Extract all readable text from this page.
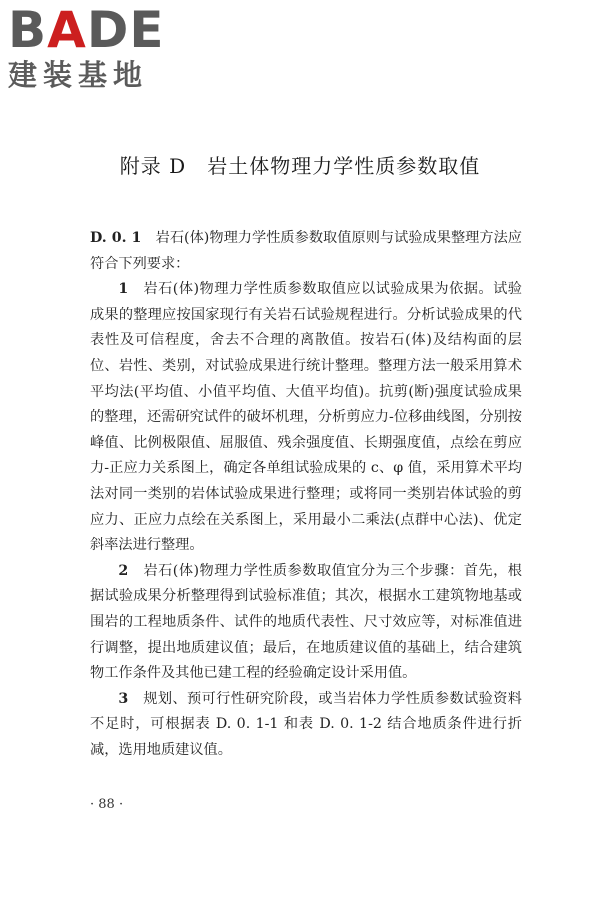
BADE
建装基地
附录 D　岩土体物理力学性质参数取值

D. 0. 1　 岩石(体)物理力学性质参数取值原则与试验成果整理方法应符合下列要求：

1　 岩石(体)物理力学性质参数取值应以试验成果为依据。试验成果的整理应按国家现行有关岩石试验规程进行。分析试验成果的代表性及可信程度，舍去不合理的离散值。按岩石(体)及结构面的层位、岩性、类别，对试验成果进行统计整理。整理方法一般采用算术平均法(平均值、小值平均值、大值平均值)。抗剪(断)强度试验成果的整理，还需研究试件的破坏机理，分析剪应力-位移曲线图，分别按峰值、比例极限值、屈服值、残余强度值、长期强度值，点绘在剪应力-正应力关系图上，确定各单组试验成果的 c、φ 值，采用算术平均法对同一类别的岩体试验成果进行整理；或将同一类别岩体试验的剪应力、正应力点绘在关系图上，采用最小二乘法(点群中心法)、优定斜率法进行整理。

2　 岩石(体)物理力学性质参数取值宜分为三个步骤：首先，根据试验成果分析整理得到试验标准值；其次，根据水工建筑物地基或围岩的工程地质条件、试件的地质代表性、尺寸效应等，对标准值进行调整，提出地质建议值；最后，在地质建议值的基础上，结合建筑物工作条件及其他已建工程的经验确定设计采用值。

3　 规划、预可行性研究阶段，或当岩体力学性质参数试验资料不足时，可根据表 D. 0. 1-1 和表 D. 0. 1-2 结合地质条件进行折减，选用地质建议值。

· 88 ·
